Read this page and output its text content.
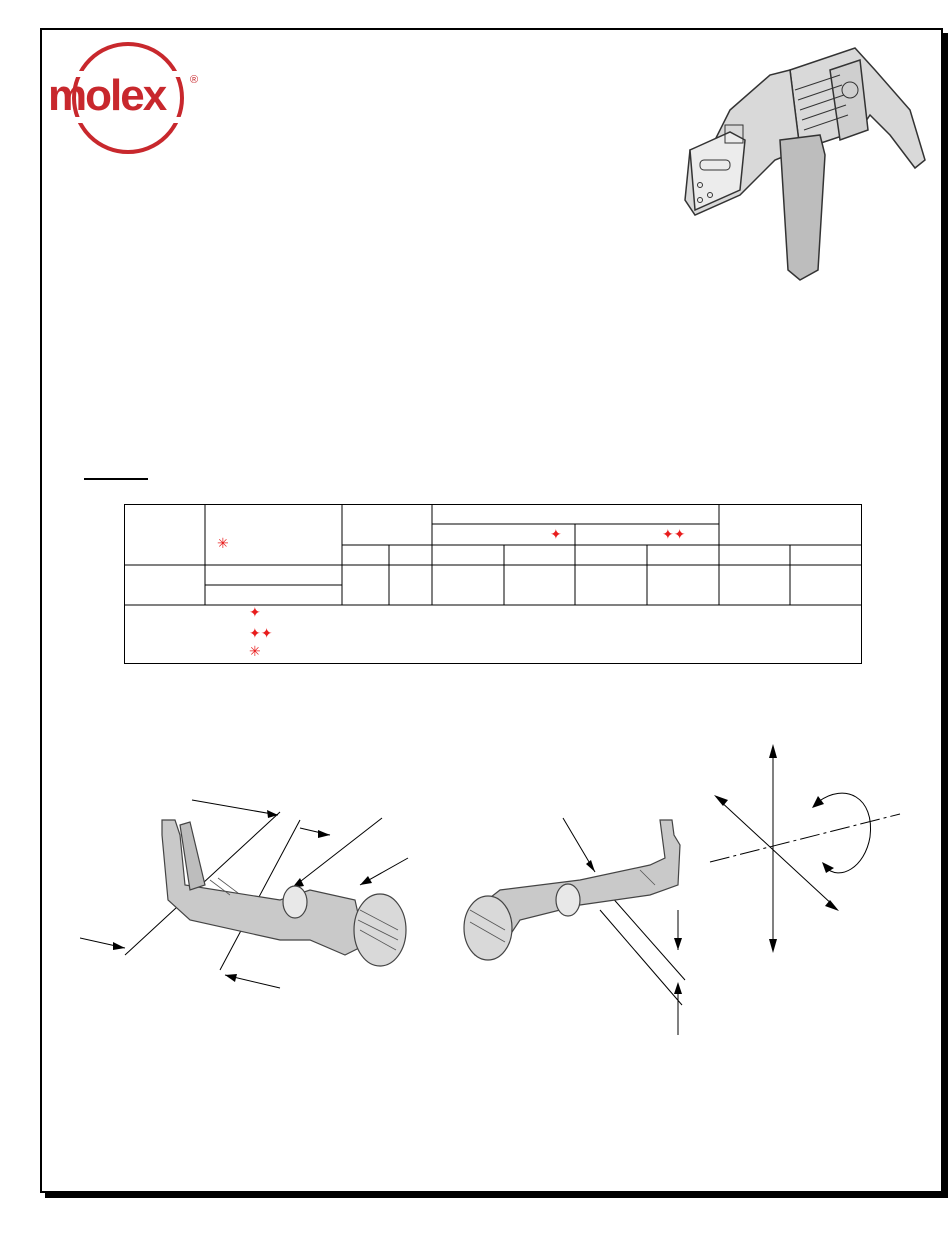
molex ®
✳
✦	✦✦
✦
✦✦
✳
